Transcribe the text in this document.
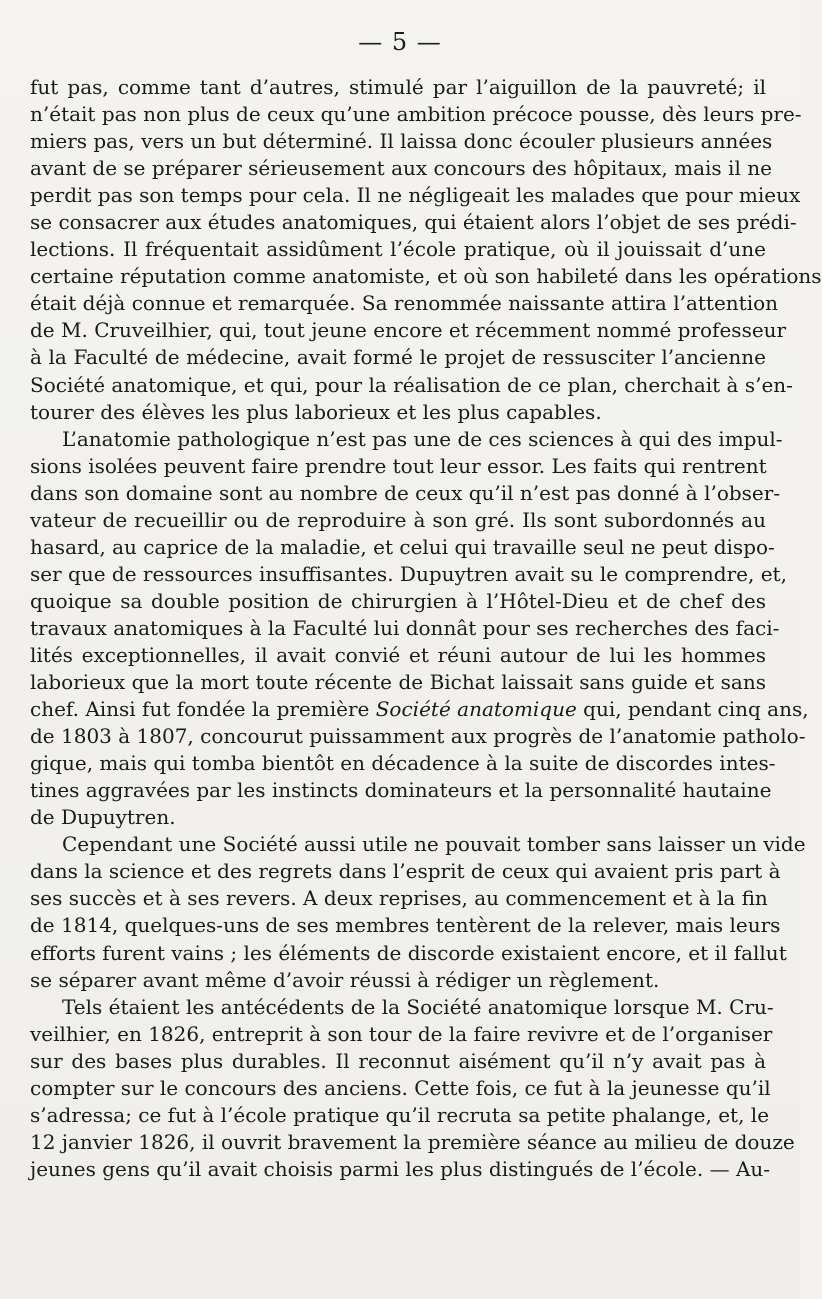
— 5 —
fut pas, comme tant d’autres, stimulé par l’aiguillon de la pauvreté; il
n’était pas non plus de ceux qu’une ambition précoce pousse, dès leurs pre-
miers pas, vers un but déterminé. Il laissa donc écouler plusieurs années
avant de se préparer sérieusement aux concours des hôpitaux, mais il ne
perdit pas son temps pour cela. Il ne négligeait les malades que pour mieux
se consacrer aux études anatomiques, qui étaient alors l’objet de ses prédi-
lections. Il fréquentait assidûment l’école pratique, où il jouissait d’une
certaine réputation comme anatomiste, et où son habileté dans les opérations
était déjà connue et remarquée. Sa renommée naissante attira l’attention
de M. Cruveilhier, qui, tout jeune encore et récemment nommé professeur
à la Faculté de médecine, avait formé le projet de ressusciter l’ancienne
Société anatomique, et qui, pour la réalisation de ce plan, cherchait à s’en-
tourer des élèves les plus laborieux et les plus capables.
L’anatomie pathologique n’est pas une de ces sciences à qui des impul-
sions isolées peuvent faire prendre tout leur essor. Les faits qui rentrent
dans son domaine sont au nombre de ceux qu’il n’est pas donné à l’obser-
vateur de recueillir ou de reproduire à son gré. Ils sont subordonnés au
hasard, au caprice de la maladie, et celui qui travaille seul ne peut dispo-
ser que de ressources insuffisantes. Dupuytren avait su le comprendre, et,
quoique sa double position de chirurgien à l’Hôtel-Dieu et de chef des
travaux anatomiques à la Faculté lui donnât pour ses recherches des faci-
lités exceptionnelles, il avait convié et réuni autour de lui les hommes
laborieux que la mort toute récente de Bichat laissait sans guide et sans
chef. Ainsi fut fondée la première Société anatomique qui, pendant cinq ans,
de 1803 à 1807, concourut puissamment aux progrès de l’anatomie patholo-
gique, mais qui tomba bientôt en décadence à la suite de discordes intes-
tines aggravées par les instincts dominateurs et la personnalité hautaine
de Dupuytren.
Cependant une Société aussi utile ne pouvait tomber sans laisser un vide
dans la science et des regrets dans l’esprit de ceux qui avaient pris part à
ses succès et à ses revers. A deux reprises, au commencement et à la fin
de 1814, quelques-uns de ses membres tentèrent de la relever, mais leurs
efforts furent vains ; les éléments de discorde existaient encore, et il fallut
se séparer avant même d’avoir réussi à rédiger un règlement.
Tels étaient les antécédents de la Société anatomique lorsque M. Cru-
veilhier, en 1826, entreprit à son tour de la faire revivre et de l’organiser
sur des bases plus durables. Il reconnut aisément qu’il n’y avait pas à
compter sur le concours des anciens. Cette fois, ce fut à la jeunesse qu’il
s’adressa; ce fut à l’école pratique qu’il recruta sa petite phalange, et, le
12 janvier 1826, il ouvrit bravement la première séance au milieu de douze
jeunes gens qu’il avait choisis parmi les plus distingués de l’école. — Au-
